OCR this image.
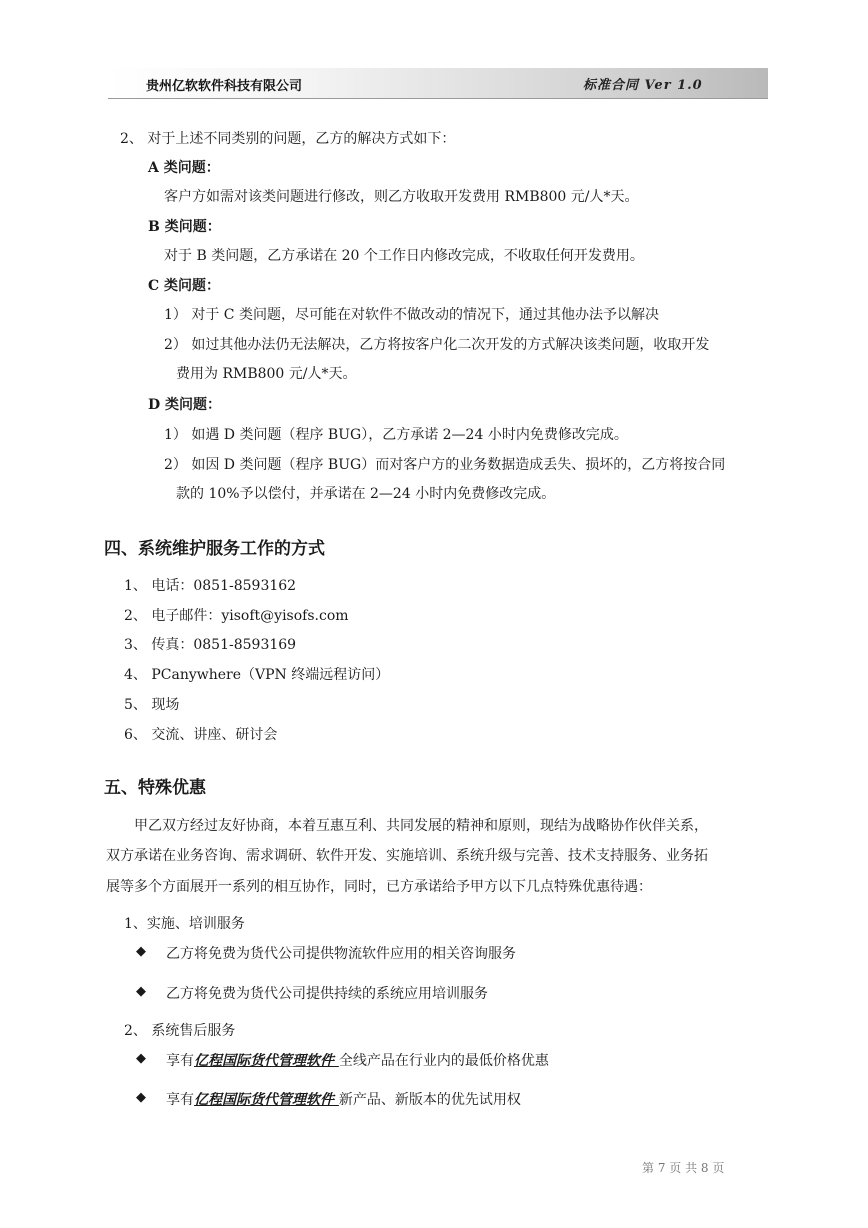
贵州亿软软件科技有限公司	标准合同 Ver 1.0
2、 对于上述不同类别的问题，乙方的解决方式如下：
A 类问题：
客户方如需对该类问题进行修改，则乙方收取开发费用 RMB800 元/人*天。
B 类问题：
对于 B 类问题，乙方承诺在 20 个工作日内修改完成，不收取任何开发费用。
C 类问题：
1） 对于 C 类问题，尽可能在对软件不做改动的情况下，通过其他办法予以解决
2） 如过其他办法仍无法解决，乙方将按客户化二次开发的方式解决该类问题，收取开发
费用为 RMB800 元/人*天。
D 类问题：
1） 如遇 D 类问题（程序 BUG），乙方承诺 2—24 小时内免费修改完成。
2） 如因 D 类问题（程序 BUG）而对客户方的业务数据造成丢失、损坏的，乙方将按合同
款的 10%予以偿付，并承诺在 2—24 小时内免费修改完成。
四、系统维护服务工作的方式
1、 电话：0851-8593162
2、 电子邮件：yisoft@yisofs.com
3、 传真：0851-8593169
4、 PCanywhere（VPN 终端远程访问）
5、 现场
6、 交流、讲座、研讨会
五、特殊优惠
甲乙双方经过友好协商，本着互惠互利、共同发展的精神和原则，现结为战略协作伙伴关系，
双方承诺在业务咨询、需求调研、软件开发、实施培训、系统升级与完善、技术支持服务、业务拓
展等多个方面展开一系列的相互协作，同时，已方承诺给予甲方以下几点特殊优惠待遇：
1、实施、培训服务
◆ 乙方将免费为货代公司提供物流软件应用的相关咨询服务
◆ 乙方将免费为货代公司提供持续的系统应用培训服务
2、 系统售后服务
◆ 享有亿程国际货代管理软件 全线产品在行业内的最低价格优惠
◆ 享有亿程国际货代管理软件 新产品、新版本的优先试用权
第 7 页 共 8 页
